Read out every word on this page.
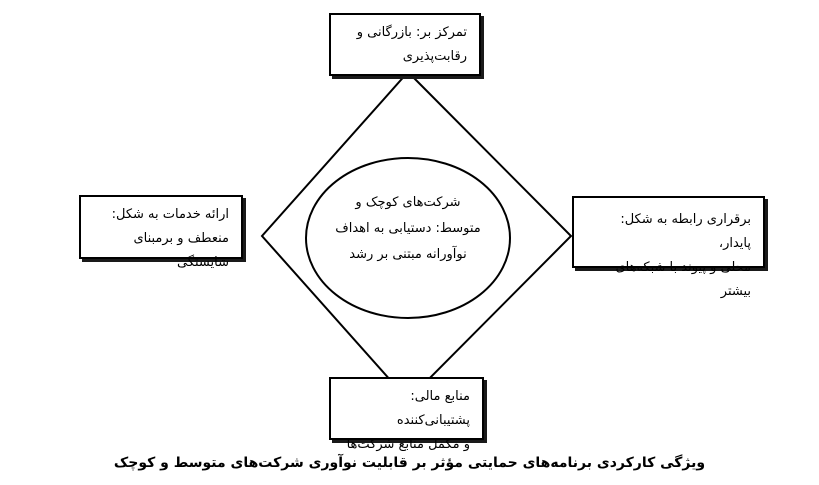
تمرکز بر: بازرگانی و

رقابت‌پذیری

برقراری رابطه به شکل: پایدار،

محلی و پیوند با شبکه‌های بیشتر

ارائه خدمات به شکل:

منعطف و برمبنای شایستگی

منابع مالی: پشتیبانی‌کننده

و مکمل منابع شرکت‌ها

شرکت‌های کوچک و

متوسط: دستیابی به اهداف

نوآورانه مبتنی بر رشد

ویژگی کارکردی برنامه‌های حمایتی مؤثر بر قابلیت نوآوری شرکت‌های متوسط و کوچک
